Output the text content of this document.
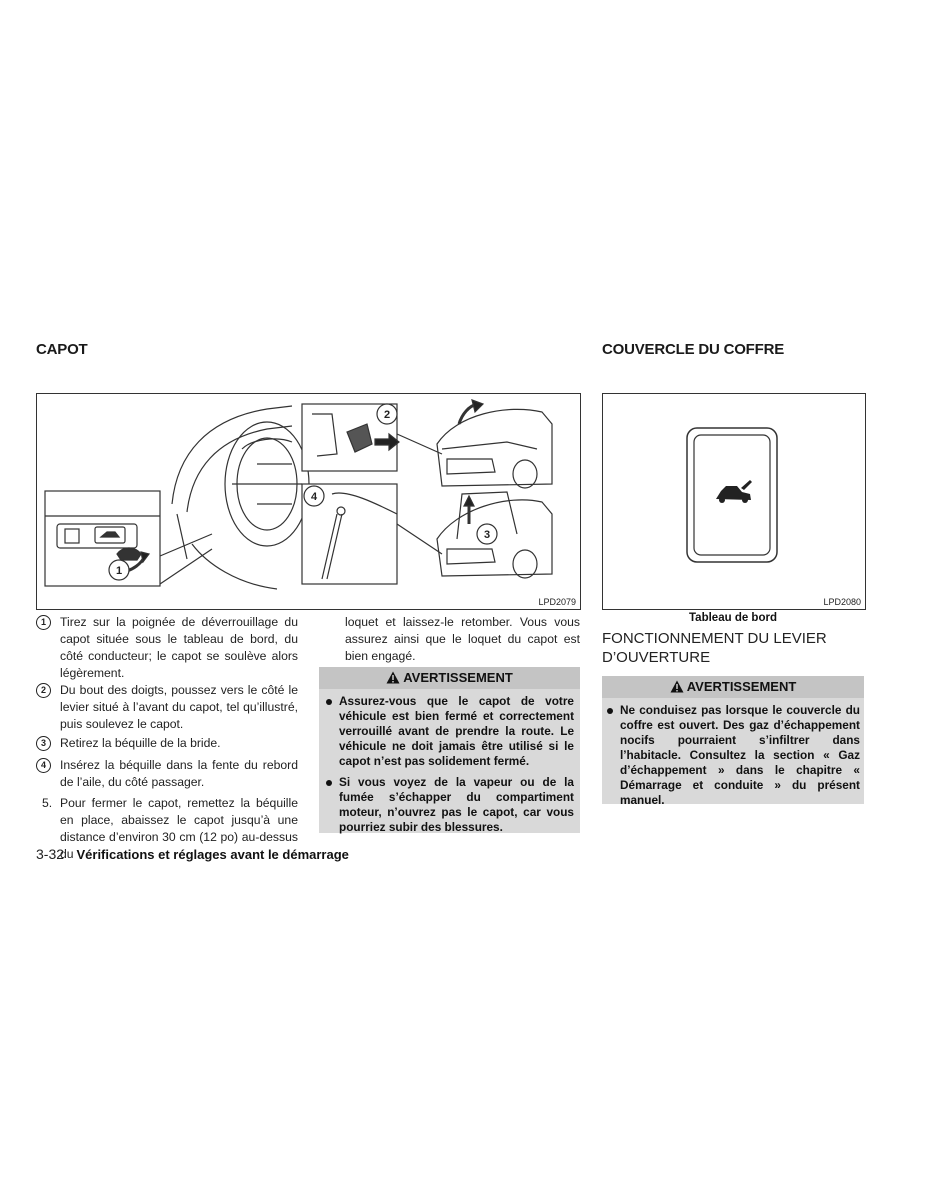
CAPOT
1
2
4
3
LPD2079
1	Tirez sur la poignée de déverrouillage du capot située sous le tableau de bord, du côté conducteur; le capot se soulève alors légèrement.
2	Du bout des doigts, poussez vers le côté le levier situé à l’avant du capot, tel qu’illustré, puis soulevez le capot.
3	Retirez la béquille de la bride.
4	Insérez la béquille dans la fente du rebord de l’aile, du côté passager.
5. Pour fermer le capot, remettez la béquille en place, abaissez le capot jusqu’à une distance d’environ 30 cm (12 po) au-dessus du
loquet et laissez-le retomber. Vous vous assurez ainsi que le loquet du capot est bien engagé.
AVERTISSEMENT
Assurez-vous que le capot de votre véhicule est bien fermé et correctement verrouillé avant de prendre la route. Le véhicule ne doit jamais être utilisé si le capot n’est pas solidement fermé.
Si vous voyez de la vapeur ou de la fumée s’échapper du compartiment moteur, n’ouvrez pas le capot, car vous pourriez subir des blessures.
COUVERCLE DU COFFRE
LPD2080
Tableau de bord
FONCTIONNEMENT DU LEVIER
D’OUVERTURE
AVERTISSEMENT
Ne conduisez pas lorsque le couvercle du coffre est ouvert. Des gaz d’échappement nocifs pourraient s’infiltrer dans l’habitacle. Consultez la section « Gaz d’échappement » dans le chapitre « Démarrage et conduite » du présent manuel.
3-32 Vérifications et réglages avant le démarrage
